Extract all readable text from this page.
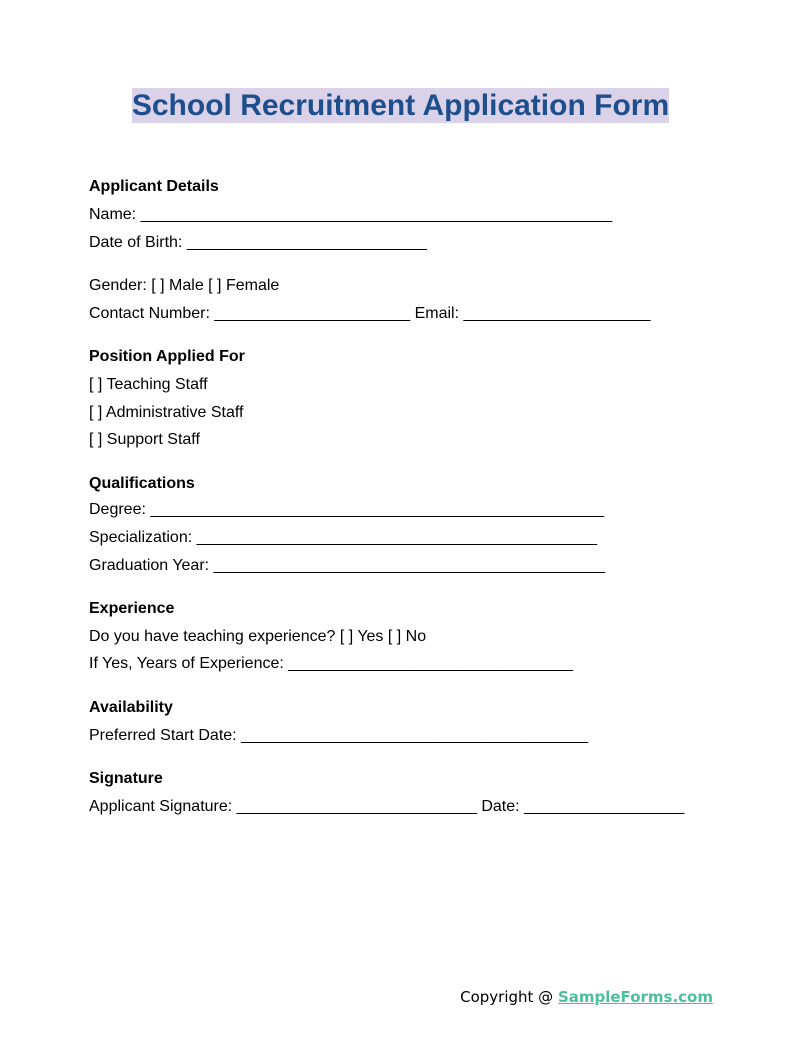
School Recruitment Application Form
Applicant Details
Name: _____________________________________________________
Date of Birth: ___________________________
Gender: [ ] Male [ ] Female
Contact Number: ______________________ Email: _____________________
Position Applied For
[ ] Teaching Staff
[ ] Administrative Staff
[ ] Support Staff
Qualifications
Degree: ___________________________________________________
Specialization: _____________________________________________
Graduation Year: ____________________________________________
Experience
Do you have teaching experience? [ ] Yes [ ] No
If Yes, Years of Experience: ________________________________
Availability
Preferred Start Date: _______________________________________
Signature
Applicant Signature: ___________________________ Date: __________________

Copyright @ SampleForms.com
